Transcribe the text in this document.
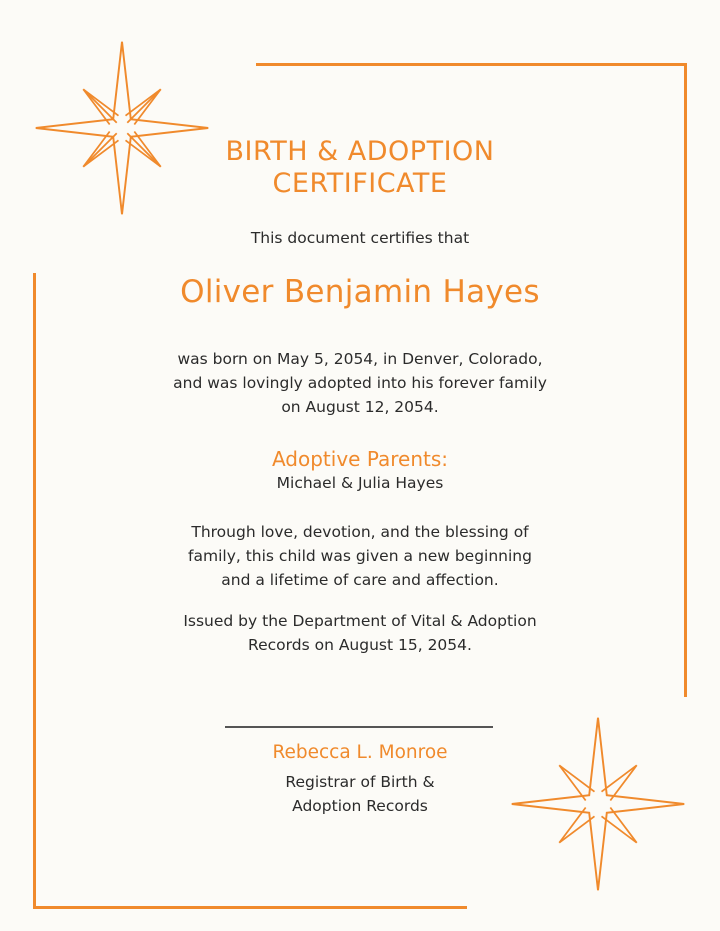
BIRTH & ADOPTION
CERTIFICATE
This document certifies that
Oliver Benjamin Hayes
was born on May 5, 2054, in Denver, Colorado,
and was lovingly adopted into his forever family
on August 12, 2054.
Adoptive Parents:
Michael & Julia Hayes
Through love, devotion, and the blessing of
family, this child was given a new beginning
and a lifetime of care and affection.
Issued by the Department of Vital & Adoption
Records on August 15, 2054.
Rebecca L. Monroe
Registrar of Birth &
Adoption Records
